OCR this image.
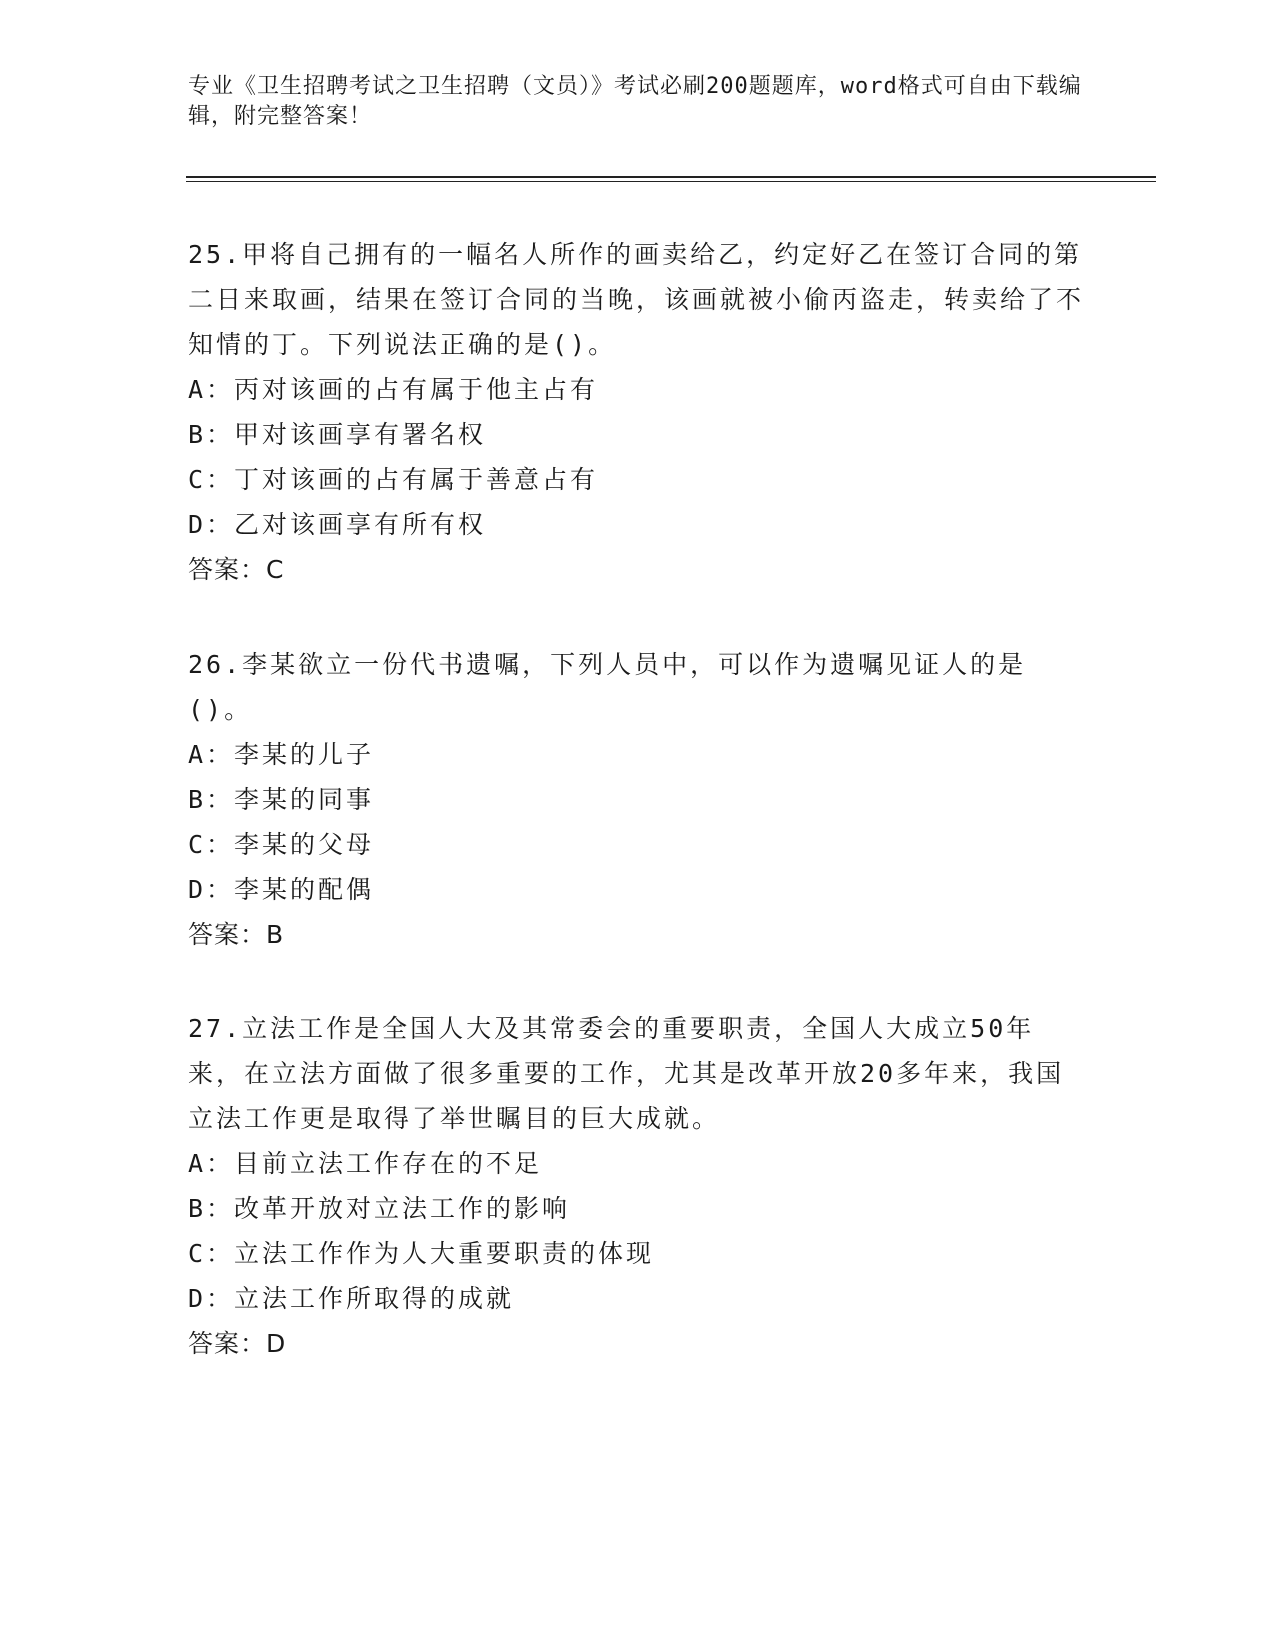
专业《卫生招聘考试之卫生招聘（文员）》考试必刷200题题库，word格式可自由下载编辑，附完整答案！

25.甲将自己拥有的一幅名人所作的画卖给乙，约定好乙在签订合同的第二日来取画，结果在签订合同的当晚，该画就被小偷丙盗走，转卖给了不知情的丁。下列说法正确的是()。

A：丙对该画的占有属于他主占有

B：甲对该画享有署名权

C：丁对该画的占有属于善意占有

D：乙对该画享有所有权

答案：C

26.李某欲立一份代书遗嘱，下列人员中，可以作为遗嘱见证人的是()。

A：李某的儿子

B：李某的同事

C：李某的父母

D：李某的配偶

答案：B

27.立法工作是全国人大及其常委会的重要职责，全国人大成立50年来，在立法方面做了很多重要的工作，尤其是改革开放20多年来，我国立法工作更是取得了举世瞩目的巨大成就。

A：目前立法工作存在的不足

B：改革开放对立法工作的影响

C：立法工作作为人大重要职责的体现

D：立法工作所取得的成就

答案：D
